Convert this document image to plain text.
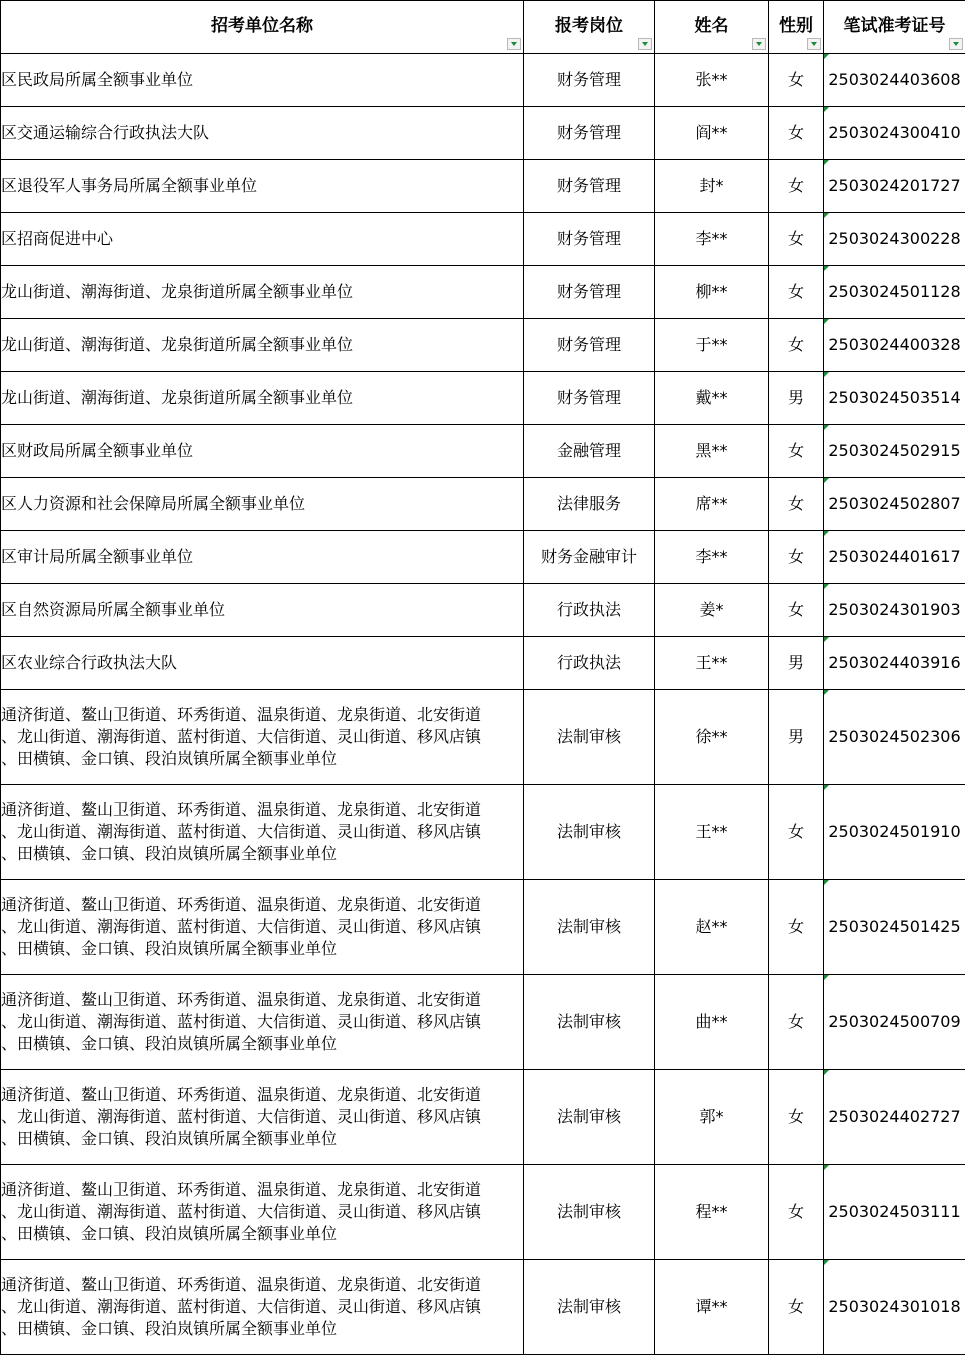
招考单位名称	报考岗位	姓名	性别	笔试准考证号

区民政局所属全额事业单位	财务管理	张**	女	2503024403608
区交通运输综合行政执法大队	财务管理	阎**	女	2503024300410
区退役军人事务局所属全额事业单位	财务管理	封*	女	2503024201727
区招商促进中心	财务管理	李**	女	2503024300228
龙山街道、潮海街道、龙泉街道所属全额事业单位	财务管理	柳**	女	2503024501128
龙山街道、潮海街道、龙泉街道所属全额事业单位	财务管理	于**	女	2503024400328
龙山街道、潮海街道、龙泉街道所属全额事业单位	财务管理	戴**	男	2503024503514
区财政局所属全额事业单位	金融管理	黑**	女	2503024502915
区人力资源和社会保障局所属全额事业单位	法律服务	席**	女	2503024502807
区审计局所属全额事业单位	财务金融审计	李**	女	2503024401617
区自然资源局所属全额事业单位	行政执法	姜*	女	2503024301903
区农业综合行政执法大队	行政执法	王**	男	2503024403916

通济街道、鳌山卫街道、环秀街道、温泉街道、龙泉街道、北安街道
、龙山街道、潮海街道、蓝村街道、大信街道、灵山街道、移风店镇
、田横镇、金口镇、段泊岚镇所属全额事业单位	法制审核	徐**	男	2503024502306

通济街道、鳌山卫街道、环秀街道、温泉街道、龙泉街道、北安街道
、龙山街道、潮海街道、蓝村街道、大信街道、灵山街道、移风店镇
、田横镇、金口镇、段泊岚镇所属全额事业单位	法制审核	王**	女	2503024501910

通济街道、鳌山卫街道、环秀街道、温泉街道、龙泉街道、北安街道
、龙山街道、潮海街道、蓝村街道、大信街道、灵山街道、移风店镇
、田横镇、金口镇、段泊岚镇所属全额事业单位	法制审核	赵**	女	2503024501425

通济街道、鳌山卫街道、环秀街道、温泉街道、龙泉街道、北安街道
、龙山街道、潮海街道、蓝村街道、大信街道、灵山街道、移风店镇
、田横镇、金口镇、段泊岚镇所属全额事业单位	法制审核	曲**	女	2503024500709

通济街道、鳌山卫街道、环秀街道、温泉街道、龙泉街道、北安街道
、龙山街道、潮海街道、蓝村街道、大信街道、灵山街道、移风店镇
、田横镇、金口镇、段泊岚镇所属全额事业单位	法制审核	郭*	女	2503024402727

通济街道、鳌山卫街道、环秀街道、温泉街道、龙泉街道、北安街道
、龙山街道、潮海街道、蓝村街道、大信街道、灵山街道、移风店镇
、田横镇、金口镇、段泊岚镇所属全额事业单位	法制审核	程**	女	2503024503111

通济街道、鳌山卫街道、环秀街道、温泉街道、龙泉街道、北安街道
、龙山街道、潮海街道、蓝村街道、大信街道、灵山街道、移风店镇
、田横镇、金口镇、段泊岚镇所属全额事业单位	法制审核	谭**	女	2503024301018
